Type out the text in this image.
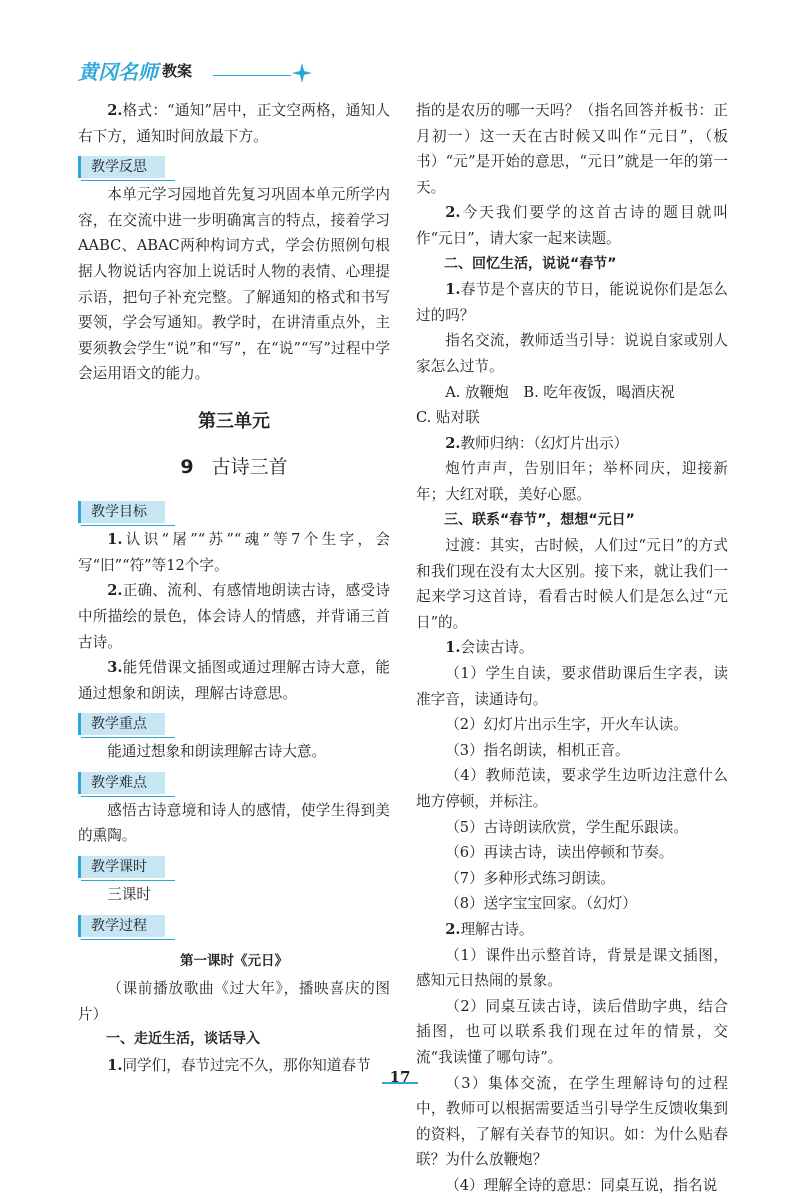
黄冈名师 教案

2.格式：“通知”居中，正文空两格，通知人右下方，通知时间放最下方。

教学反思

本单元学习园地首先复习巩固本单元所学内容，在交流中进一步明确寓言的特点，接着学习AABC、ABAC两种构词方式，学会仿照例句根据人物说话内容加上说话时人物的表情、心理提示语，把句子补充完整。了解通知的格式和书写要领，学会写通知。教学时，在讲清重点外，主要须教会学生“说”和“写”，在“说”“写”过程中学会运用语文的能力。

第三单元
9 古诗三首
教学目标

1.认识“屠”“苏”“魂”等7个生字，会写“旧”“符”等12个字。

2.正确、流利、有感情地朗读古诗，感受诗中所描绘的景色，体会诗人的情感，并背诵三首古诗。

3.能凭借课文插图或通过理解古诗大意，能通过想象和朗读，理解古诗意思。

教学重点

能通过想象和朗读理解古诗大意。

教学难点

感悟古诗意境和诗人的感情，使学生得到美的熏陶。

教学课时

三课时

教学过程
第一课时《元日》

（课前播放歌曲《过大年》，播映喜庆的图片）

一、走近生活，谈话导入

1.同学们，春节过完不久，那你知道春节

指的是农历的哪一天吗？（指名回答并板书：正月初一）这一天在古时候又叫作“元日”，（板书）“元”是开始的意思，“元日”就是一年的第一天。

2.今天我们要学的这首古诗的题目就叫作“元日”，请大家一起来读题。

二、回忆生活，说说“春节”

1.春节是个喜庆的节日，能说说你们是怎么过的吗？

指名交流，教师适当引导：说说自家或别人家怎么过节。

A. 放鞭炮　B. 吃年夜饭，喝酒庆祝

C. 贴对联

2.教师归纳：（幻灯片出示）

炮竹声声，告别旧年；举杯同庆，迎接新年；大红对联，美好心愿。

三、联系“春节”，想想“元日”

过渡：其实，古时候，人们过“元日”的方式和我们现在没有太大区别。接下来，就让我们一起来学习这首诗，看看古时候人们是怎么过“元日”的。

1.会读古诗。

（1）学生自读，要求借助课后生字表，读准字音，读通诗句。

（2）幻灯片出示生字，开火车认读。

（3）指名朗读，相机正音。

（4）教师范读，要求学生边听边注意什么地方停顿，并标注。

（5）古诗朗读欣赏，学生配乐跟读。

（6）再读古诗，读出停顿和节奏。

（7）多种形式练习朗读。

（8）送字宝宝回家。（幻灯）

2.理解古诗。

（1）课件出示整首诗，背景是课文插图，感知元日热闹的景象。

（2）同桌互读古诗，读后借助字典，结合插图，也可以联系我们现在过年的情景，交流“我读懂了哪句诗”。

（3）集体交流，在学生理解诗句的过程中，教师可以根据需要适当引导学生反馈收集到的资料，了解有关春节的知识。如：为什么贴春联？为什么放鞭炮？

（4）理解全诗的意思：同桌互说，指名说

17
